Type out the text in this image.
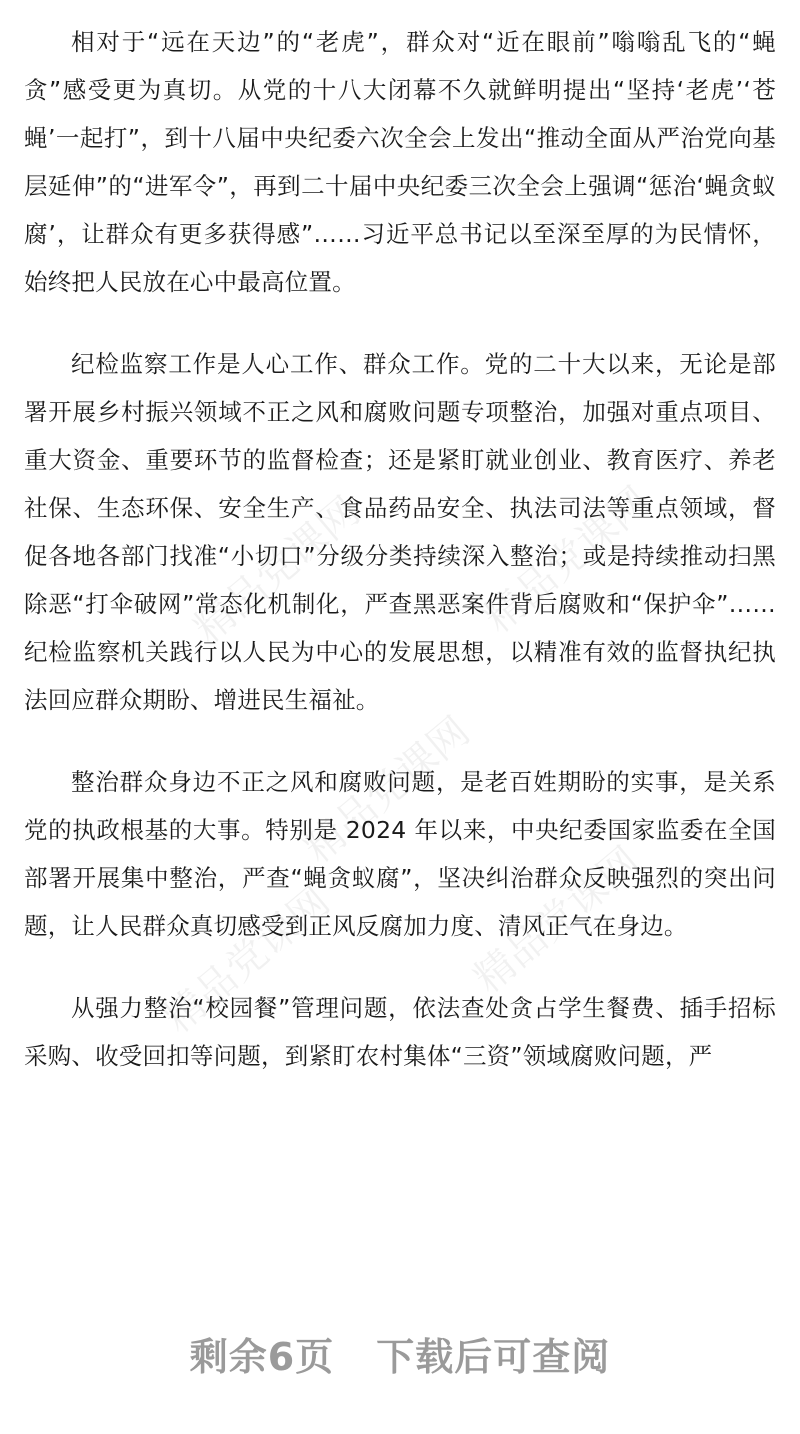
精品党课网	精品党课网
精品党课网
精品党课网	精品党课网

相对于“远在天边”的“老虎”，群众对“近在眼前”嗡嗡乱飞的“蝇贪”感受更为真切。从党的十八大闭幕不久就鲜明提出“坚持‘老虎’‘苍蝇’一起打”，到十八届中央纪委六次全会上发出“推动全面从严治党向基层延伸”的“进军令”，再到二十届中央纪委三次全会上强调“惩治‘蝇贪蚁腐’，让群众有更多获得感”……习近平总书记以至深至厚的为民情怀，始终把人民放在心中最高位置。

纪检监察工作是人心工作、群众工作。党的二十大以来，无论是部署开展乡村振兴领域不正之风和腐败问题专项整治，加强对重点项目、重大资金、重要环节的监督检查；还是紧盯就业创业、教育医疗、养老社保、生态环保、安全生产、食品药品安全、执法司法等重点领域，督促各地各部门找准“小切口”分级分类持续深入整治；或是持续推动扫黑除恶“打伞破网”常态化机制化，严查黑恶案件背后腐败和“保护伞”……纪检监察机关践行以人民为中心的发展思想，以精准有效的监督执纪执法回应群众期盼、增进民生福祉。

整治群众身边不正之风和腐败问题，是老百姓期盼的实事，是关系党的执政根基的大事。特别是 2024 年以来，中央纪委国家监委在全国部署开展集中整治，严查“蝇贪蚁腐”，坚决纠治群众反映强烈的突出问题，让人民群众真切感受到正风反腐加力度、清风正气在身边。

从强力整治“校园餐”管理问题，依法查处贪占学生餐费、插手招标采购、收受回扣等问题，到紧盯农村集体“三资”领域腐败问题，严

剩余6页 下载后可查阅
